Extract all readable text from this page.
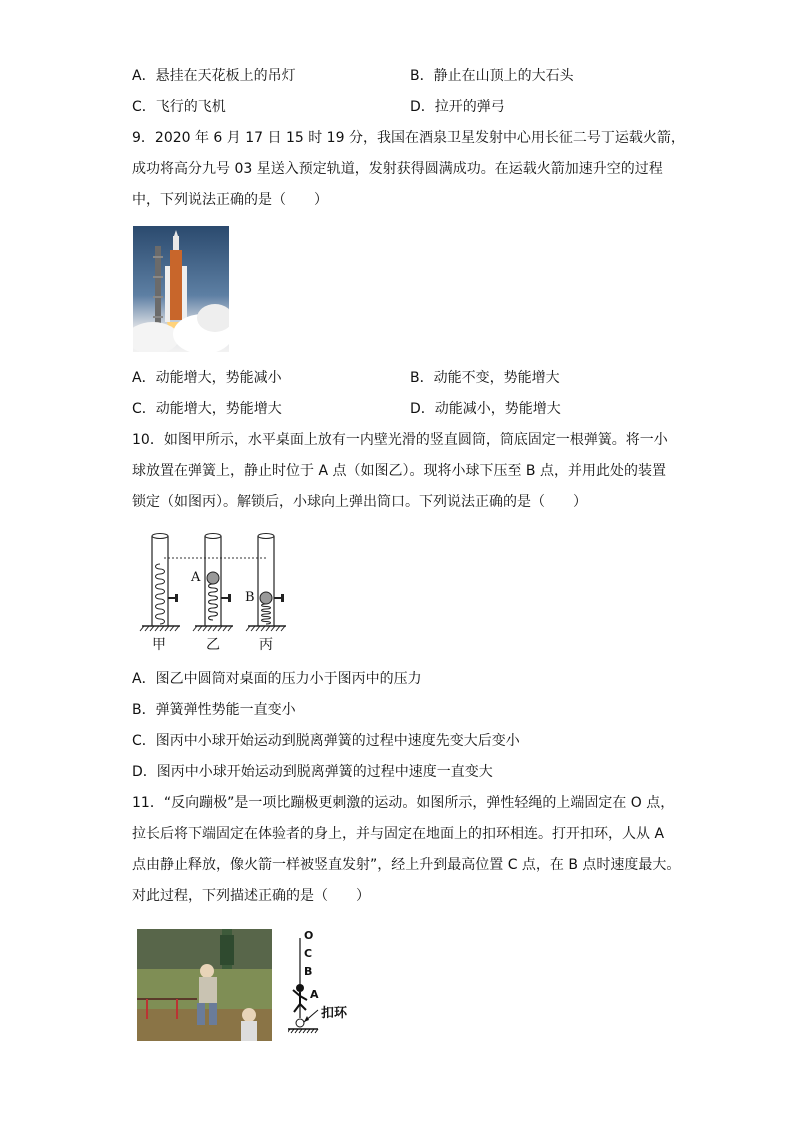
A．悬挂在天花板上的吊灯	B．静止在山顶上的大石头
C．飞行的飞机	D．拉开的弹弓
9．2020 年 6 月 17 日 15 时 19 分，我国在酒泉卫星发射中心用长征二号丁运载火箭，
成功将高分九号 03 星送入预定轨道，发射获得圆满成功。在运载火箭加速升空的过程
中，下列说法正确的是（　　）
A．动能增大，势能减小	B．动能不变，势能增大
C．动能增大，势能增大	D．动能减小，势能增大
10．如图甲所示，水平桌面上放有一内壁光滑的竖直圆筒，筒底固定一根弹簧。将一小
球放置在弹簧上，静止时位于 A 点（如图乙）。现将小球下压至 B 点，并用此处的装置
锁定（如图丙）。解锁后，小球向上弹出筒口。下列说法正确的是（　　）
A
B
甲	乙	丙
A．图乙中圆筒对桌面的压力小于图丙中的压力
B．弹簧弹性势能一直变小
C．图丙中小球开始运动到脱离弹簧的过程中速度先变大后变小
D．图丙中小球开始运动到脱离弹簧的过程中速度一直变大
11．“反向蹦极”是一项比蹦极更刺激的运动。如图所示，弹性轻绳的上端固定在 O 点，
拉长后将下端固定在体验者的身上，并与固定在地面上的扣环相连。打开扣环，人从 A
点由静止释放，像火箭一样被竖直发射”，经上升到最高位置 C 点，在 B 点时速度最大。
对此过程，下列描述正确的是（　　）
O
C
B
A
扣环
